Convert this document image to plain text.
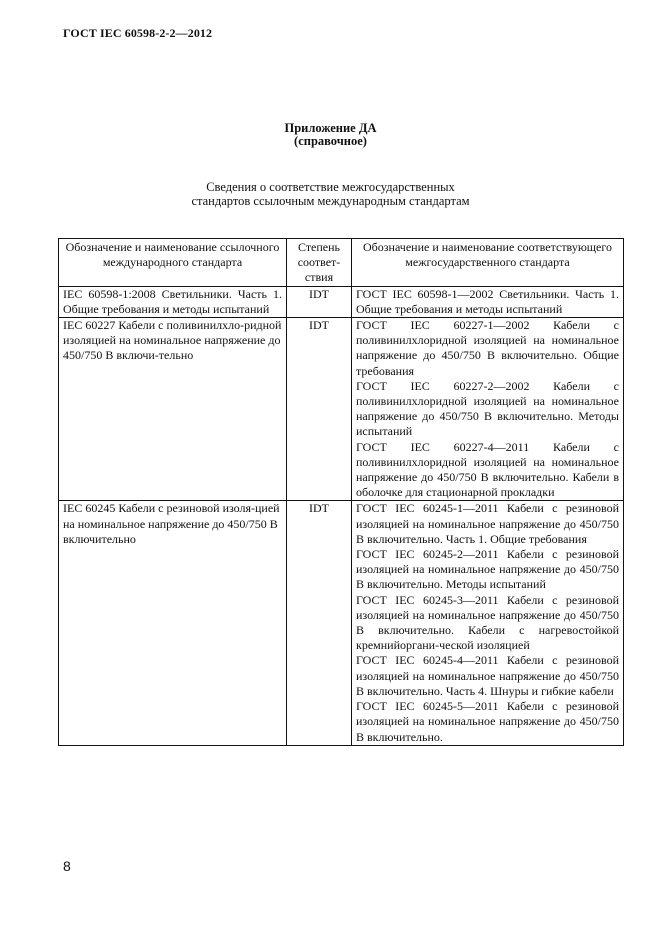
ГОСТ IEC 60598-2-2—2012
Приложение ДА
(справочное)
Сведения о соответствие межгосударственных
стандартов ссылочным международным стандартам
Обозначение и наименование ссылочного международного стандарта	Степень соответ-ствия	Обозначение и наименование соответствующего межгосударственного стандарта

IEC 60598-1:2008 Светильники. Часть 1. Общие требования и методы испытаний	IDT	ГОСТ IEC 60598-1—2002 Светильники. Часть 1. Общие требования и методы испытаний

IEC 60227 Кабели с поливинилхло-ридной изоляцией на номинальное напряжение до 450/750 В включи-тельно	IDT	ГОСТ IEC 60227-1—2002 Кабели с поливинилхлоридной изоляцией на номинальное напряжение до 450/750 В включительно. Общие требования
ГОСТ IEC 60227-2—2002 Кабели с поливинилхлоридной изоляцией на номинальное напряжение до 450/750 В включительно. Методы испытаний
ГОСТ IEC 60227-4—2011 Кабели с поливинилхлоридной изоляцией на номинальное напряжение до 450/750 В включительно. Кабели в оболочке для стационарной прокладки

IEC 60245 Кабели с резиновой изоля-цией на номинальное напряжение до 450/750 В включительно	IDT	ГОСТ IEC 60245-1—2011 Кабели с резиновой изоляцией на номинальное напряжение до 450/750 В включительно. Часть 1. Общие требования
ГОСТ IEC 60245-2—2011 Кабели с резиновой изоляцией на номинальное напряжение до 450/750 В включительно. Методы испытаний
ГОСТ IEC 60245-3—2011 Кабели с резиновой изоляцией на номинальное напряжение до 450/750 В включительно. Кабели с нагревостойкой кремнийоргани-ческой изоляцией
ГОСТ IEC 60245-4—2011 Кабели с резиновой изоляцией на номинальное напряжение до 450/750 В включительно. Часть 4. Шнуры и гибкие кабели
ГОСТ IEC 60245-5—2011 Кабели с резиновой изоляцией на номинальное напряжение до 450/750 В включительно.
8
